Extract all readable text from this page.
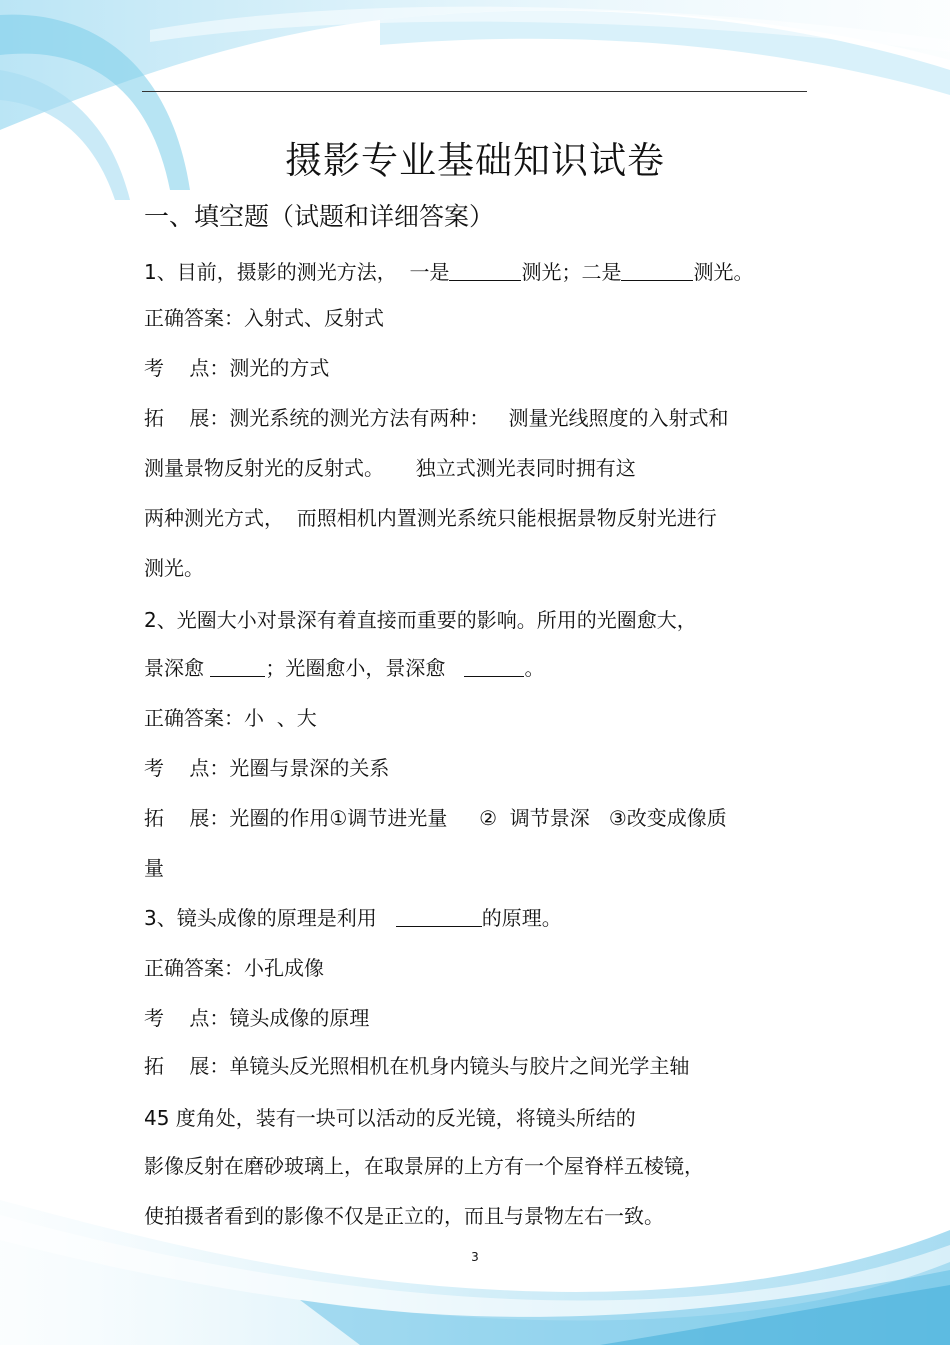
摄影专业基础知识试卷
一、填空题（试题和详细答案）
1、目前，摄影的测光方法，  一是	测光；二是	测光。
正确答案：入射式、反射式
考    点：测光的方式
拓    展：测光系统的测光方法有两种：   测量光线照度的入射式和
测量景物反射光的反射式。     独立式测光表同时拥有这
两种测光方式，  而照相机内置测光系统只能根据景物反射光进行
测光。
2、光圈大小对景深有着直接而重要的影响。所用的光圈愈大，
景深愈	；光圈愈小，景深愈	。
正确答案：小  、大
考    点：光圈与景深的关系
拓    展：光圈的作用①调节进光量     ②  调节景深   ③改变成像质
量
3、镜头成像的原理是利用	的原理。
正确答案：小孔成像
考    点：镜头成像的原理
拓    展：单镜头反光照相机在机身内镜头与胶片之间光学主轴
45 度角处，装有一块可以活动的反光镜，将镜头所结的
影像反射在磨砂玻璃上，在取景屏的上方有一个屋脊样五棱镜，
使拍摄者看到的影像不仅是正立的，而且与景物左右一致。
3
